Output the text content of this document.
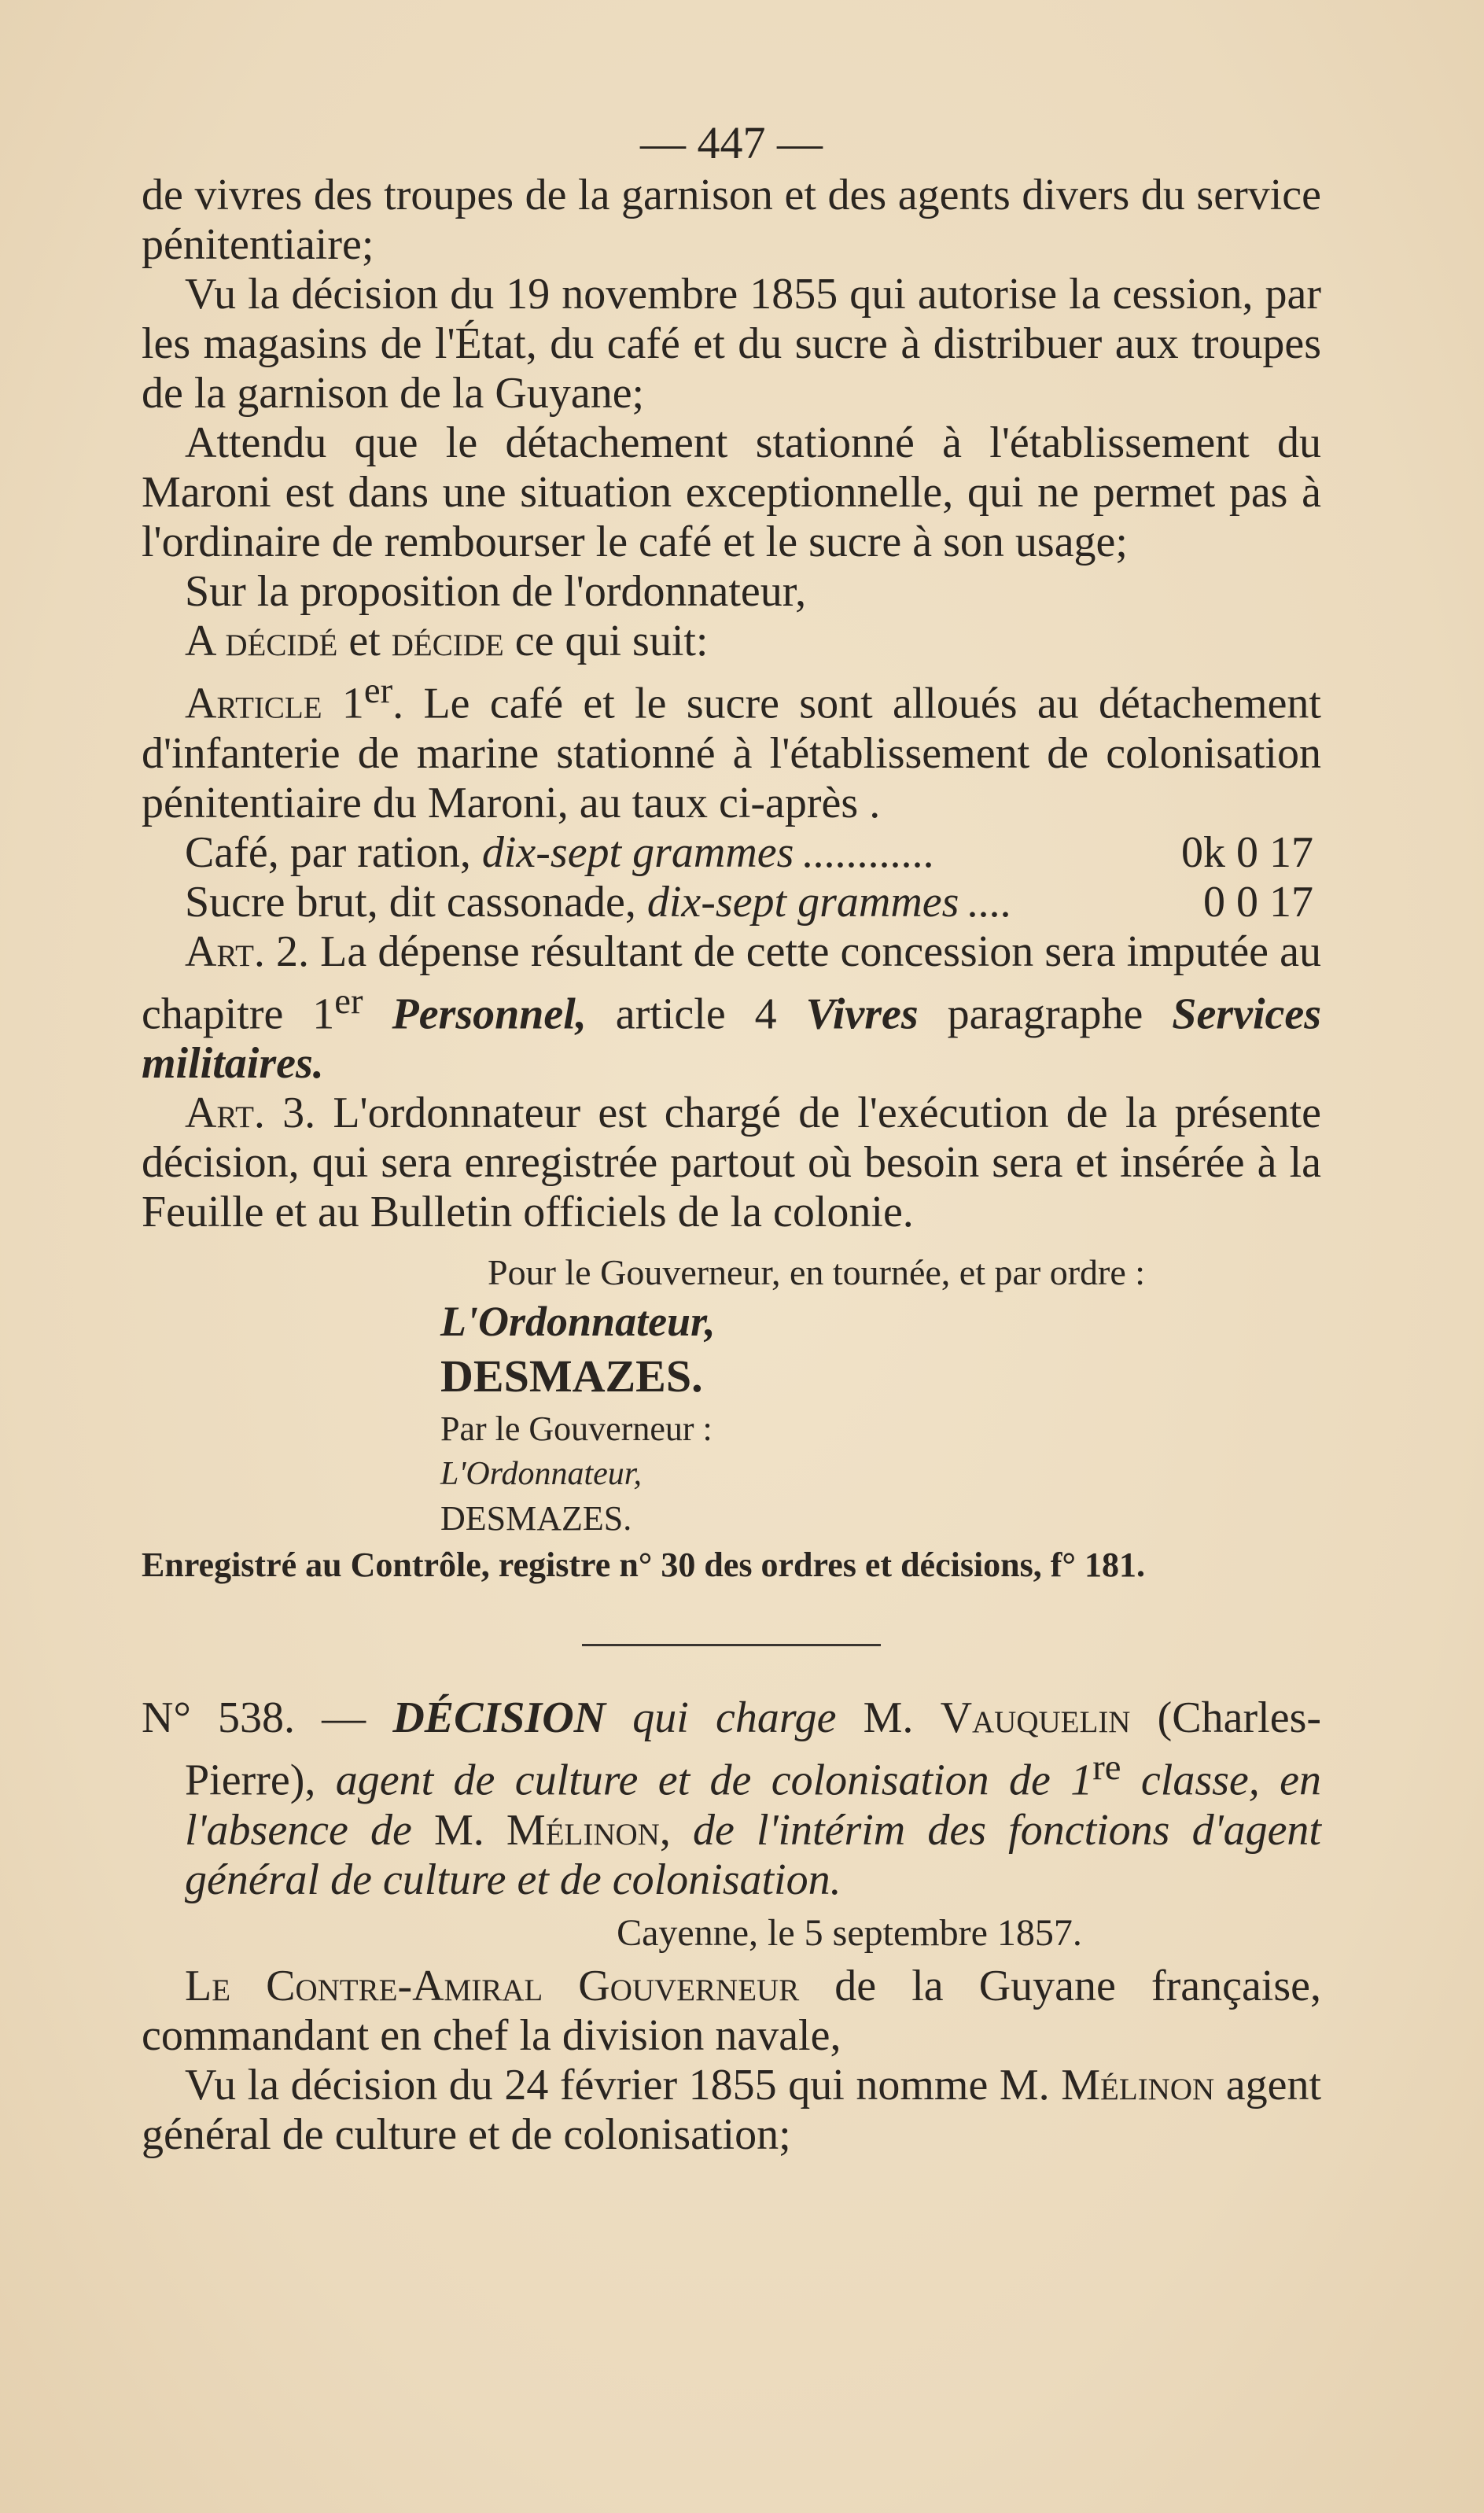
— 447 —

de vivres des troupes de la garnison et des agents divers du service pénitentiaire;

Vu la décision du 19 novembre 1855 qui autorise la cession, par les magasins de l'État, du café et du sucre à distribuer aux troupes de la garnison de la Guyane;

Attendu que le détachement stationné à l'établissement du Maroni est dans une situation exceptionnelle, qui ne permet pas à l'ordinaire de rembourser le café et le sucre à son usage;

Sur la proposition de l'ordonnateur,

A décidé et décide ce qui suit:

Article 1er. Le café et le sucre sont alloués au détachement d'infanterie de marine stationné à l'établissement de colonisation pénitentiaire du Maroni, au taux ci-après .

Café, par ration, dix-sept grammes ............	0k 0 17
Sucre brut, dit cassonade, dix-sept grammes ....	0 0 17

Art. 2. La dépense résultant de cette concession sera imputée au chapitre 1er Personnel, article 4 Vivres paragraphe Services militaires.

Art. 3. L'ordonnateur est chargé de l'exécution de la présente décision, qui sera enregistrée partout où besoin sera et insérée à la Feuille et au Bulletin officiels de la colonie.

Pour le Gouverneur, en tournée, et par ordre :
L'Ordonnateur,
DESMAZES.
Par le Gouverneur :
L'Ordonnateur,
DESMAZES.
Enregistré au Contrôle, registre n° 30 des ordres et décisions, f° 181.

N° 538. — DÉCISION qui charge M. Vauquelin (Charles-Pierre), agent de culture et de colonisation de 1re classe, en l'absence de M. Mélinon, de l'intérim des fonctions d'agent général de culture et de colonisation.

Cayenne, le 5 septembre 1857.

Le Contre-Amiral Gouverneur de la Guyane française, commandant en chef la division navale,

Vu la décision du 24 février 1855 qui nomme M. Mélinon agent général de culture et de colonisation;
